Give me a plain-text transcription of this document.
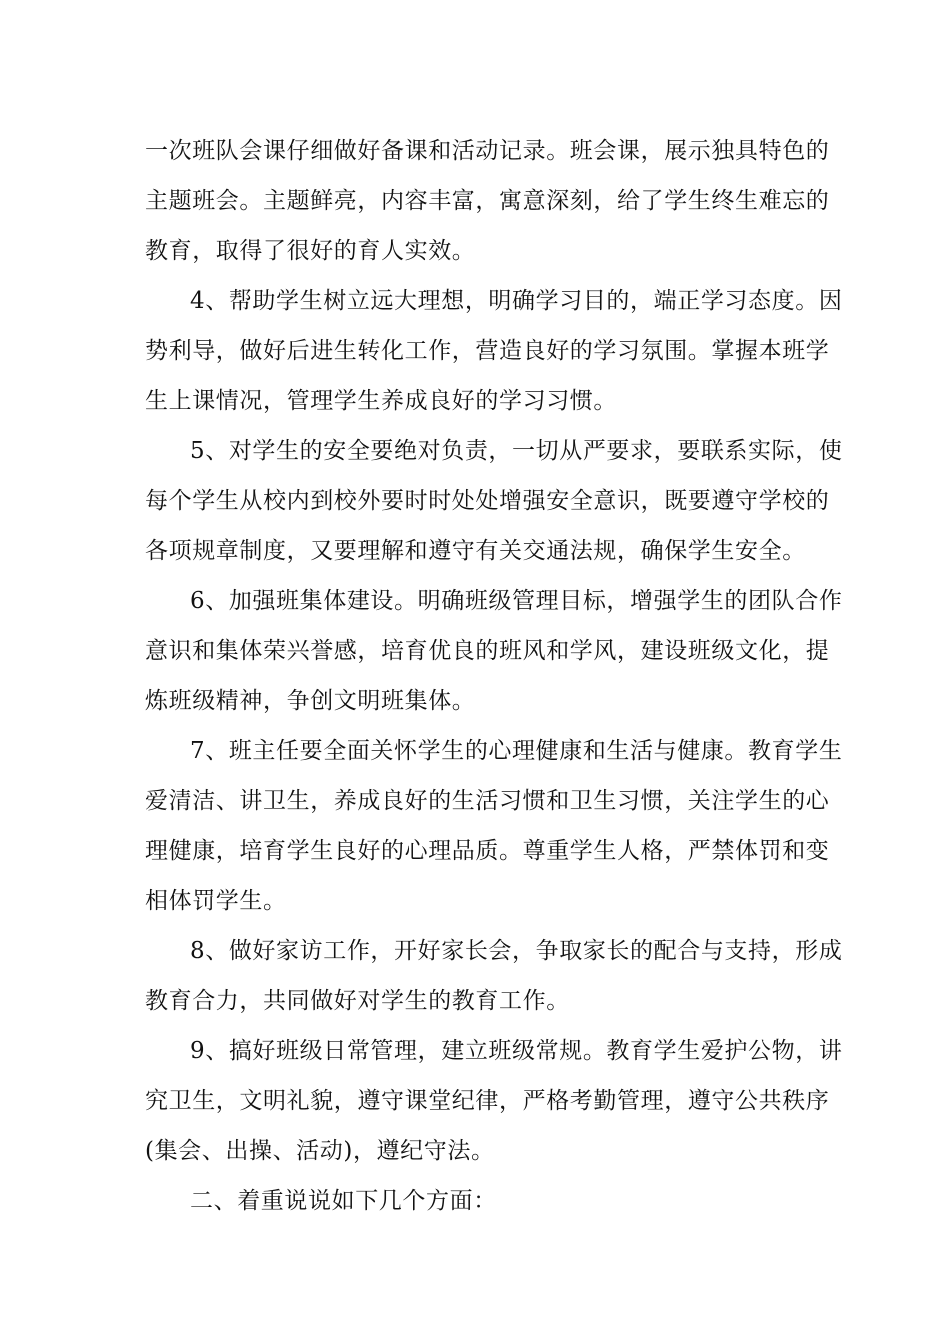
一次班队会课仔细做好备课和活动记录。班会课，展示独具特色的
主题班会。主题鲜亮，内容丰富，寓意深刻，给了学生终生难忘的
教育，取得了很好的育人实效。
4、帮助学生树立远大理想，明确学习目的，端正学习态度。因
势利导，做好后进生转化工作，营造良好的学习氛围。掌握本班学
生上课情况，管理学生养成良好的学习习惯。
5、对学生的安全要绝对负责，一切从严要求，要联系实际，使
每个学生从校内到校外要时时处处增强安全意识，既要遵守学校的
各项规章制度，又要理解和遵守有关交通法规，确保学生安全。
6、加强班集体建设。明确班级管理目标，增强学生的团队合作
意识和集体荣兴誉感，培育优良的班风和学风，建设班级文化，提
炼班级精神，争创文明班集体。
7、班主任要全面关怀学生的心理健康和生活与健康。教育学生
爱清洁、讲卫生，养成良好的生活习惯和卫生习惯，关注学生的心
理健康，培育学生良好的心理品质。尊重学生人格，严禁体罚和变
相体罚学生。
8、做好家访工作，开好家长会，争取家长的配合与支持，形成
教育合力，共同做好对学生的教育工作。
9、搞好班级日常管理，建立班级常规。教育学生爱护公物，讲
究卫生，文明礼貌，遵守课堂纪律，严格考勤管理，遵守公共秩序
(集会、出操、活动)，遵纪守法。
二、着重说说如下几个方面：
